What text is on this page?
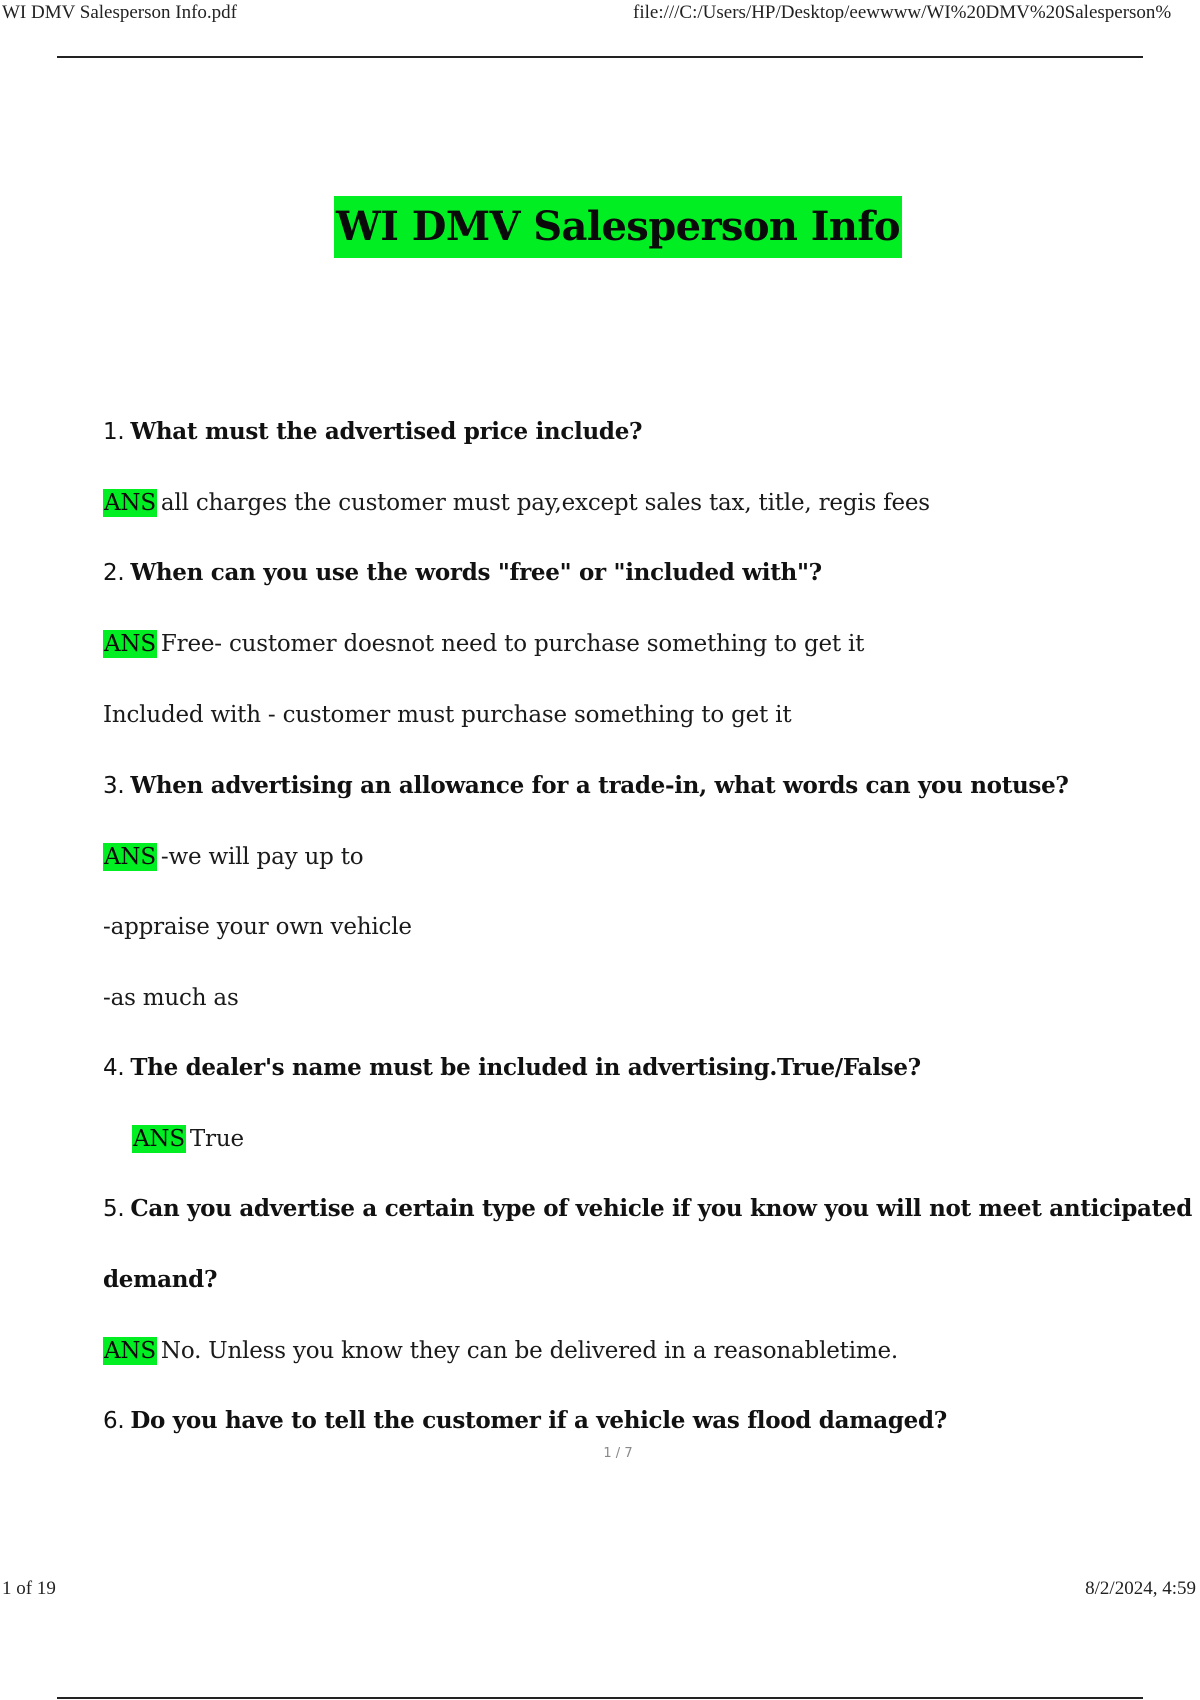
WI DMV Salesperson Info.pdf	file:///C:/Users/HP/Desktop/eewwww/WI%20DMV%20Salesperson%
WI DMV Salesperson Info
1. What must the advertised price include?
ANS all charges the customer must pay,except sales tax, title, regis fees
2. When can you use the words "free" or "included with"?
ANS Free- customer doesnot need to purchase something to get it
Included with - customer must purchase something to get it
3. When advertising an allowance for a trade-in, what words can you notuse?
ANS -we will pay up to
-appraise your own vehicle
-as much as
4. The dealer's name must be included in advertising.True/False?
ANS True
5. Can you advertise a certain type of vehicle if you know you will not meet anticipated
demand?
ANS No. Unless you know they can be delivered in a reasonabletime.
6. Do you have to tell the customer if a vehicle was flood damaged?
1 / 7
1 of 19	8/2/2024, 4:59
